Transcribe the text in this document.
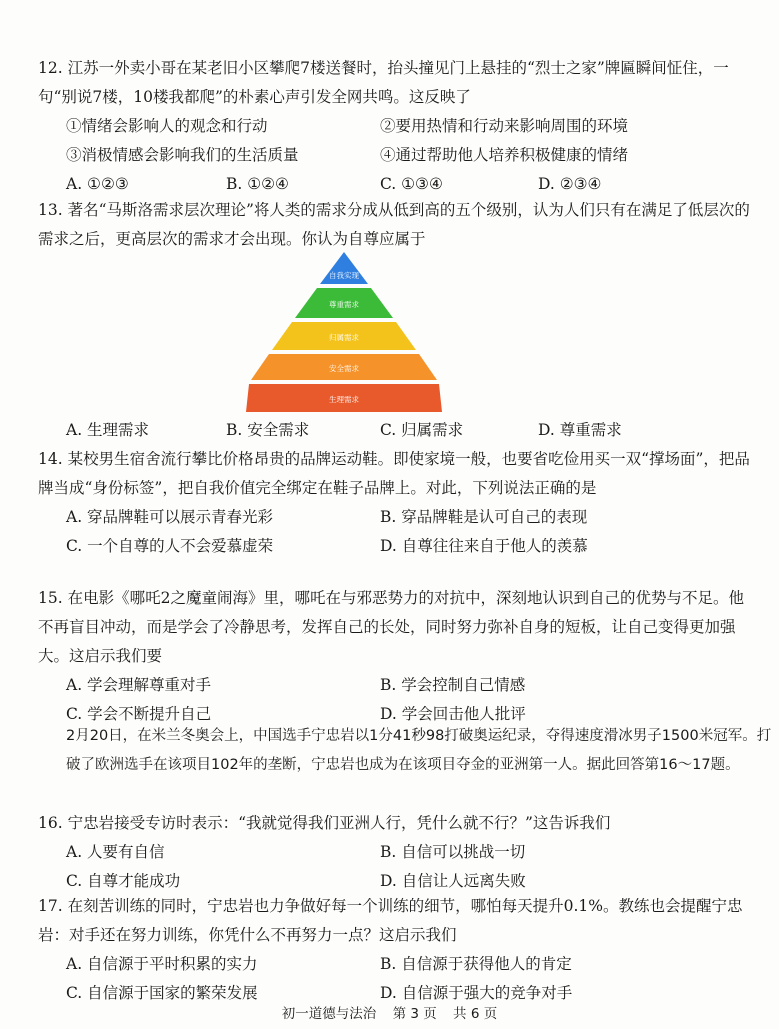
12. 江苏一外卖小哥在某老旧小区攀爬7楼送餐时，抬头撞见门上悬挂的“烈士之家”牌匾瞬间怔住，一句“别说7楼，10楼我都爬”的朴素心声引发全网共鸣。这反映了

①情绪会影响人的观念和行动	②要用热情和行动来影响周围的环境
③消极情感会影响我们的生活质量	④通过帮助他人培养积极健康的情绪
A. ①②③	B. ①②④	C. ①③④	D. ②③④

13. 著名“马斯洛需求层次理论”将人类的需求分成从低到高的五个级别，认为人们只有在满足了低层次的需求之后，更高层次的需求才会出现。你认为自尊应属于

自我实现
尊重需求
归属需求
安全需求
生理需求
A. 生理需求	B. 安全需求	C. 归属需求	D. 尊重需求

14. 某校男生宿舍流行攀比价格昂贵的品牌运动鞋。即使家境一般，也要省吃俭用买一双“撑场面”，把品牌当成“身份标签”，把自我价值完全绑定在鞋子品牌上。对此，下列说法正确的是

A. 穿品牌鞋可以展示青春光彩	B. 穿品牌鞋是认可自己的表现
C. 一个自尊的人不会爱慕虚荣	D. 自尊往往来自于他人的羡慕

15. 在电影《哪吒2之魔童闹海》里，哪吒在与邪恶势力的对抗中，深刻地认识到自己的优势与不足。他不再盲目冲动，而是学会了冷静思考，发挥自己的长处，同时努力弥补自身的短板，让自己变得更加强大。这启示我们要

A. 学会理解尊重对手	B. 学会控制自己情感
C. 学会不断提升自己	D. 学会回击他人批评
2月20日，在米兰冬奥会上，中国选手宁忠岩以1分41秒98打破奥运纪录，夺得速度滑冰男子1500米冠军。打破了欧洲选手在该项目102年的垄断，宁忠岩也成为在该项目夺金的亚洲第一人。据此回答第16～17题。

16. 宁忠岩接受专访时表示：“我就觉得我们亚洲人行，凭什么就不行？”这告诉我们

A. 人要有自信	B. 自信可以挑战一切
C. 自尊才能成功	D. 自信让人远离失败

17. 在刻苦训练的同时，宁忠岩也力争做好每一个训练的细节，哪怕每天提升0.1%。教练也会提醒宁忠岩：对手还在努力训练，你凭什么不再努力一点？这启示我们

A. 自信源于平时积累的实力	B. 自信源于获得他人的肯定
C. 自信源于国家的繁荣发展	D. 自信源于强大的竞争对手
初一道德与法治 第 3 页 共 6 页
